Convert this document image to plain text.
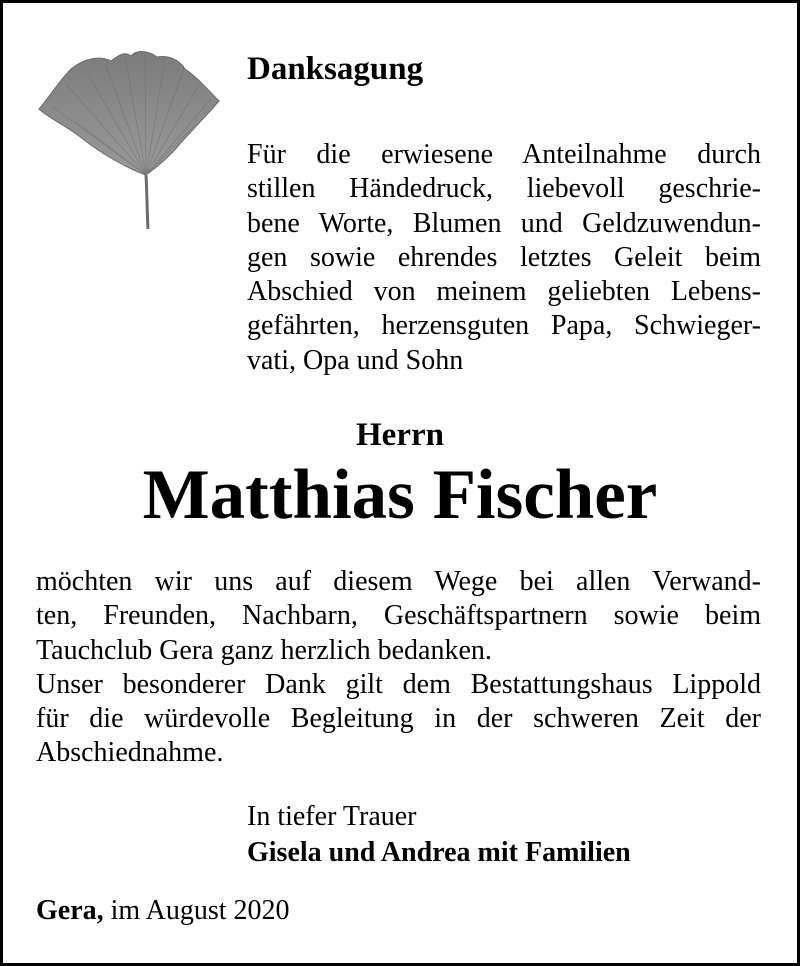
Danksagung
Für die erwiesene Anteilnahme durch
stillen Händedruck, liebevoll geschrie-
bene Worte, Blumen und Geldzuwendun-
gen sowie ehrendes letztes Geleit beim
Abschied von meinem geliebten Lebens-
gefährten, herzensguten Papa, Schwieger-
vati, Opa und Sohn
Herrn
Matthias Fischer
möchten wir uns auf diesem Wege bei allen Verwand-
ten, Freunden, Nachbarn, Geschäftspartnern sowie beim
Tauchclub Gera ganz herzlich bedanken.
Unser besonderer Dank gilt dem Bestattungshaus Lippold
für die würdevolle Begleitung in der schweren Zeit der
Abschiednahme.
In tiefer Trauer
Gisela und Andrea mit Familien
Gera, im August 2020
